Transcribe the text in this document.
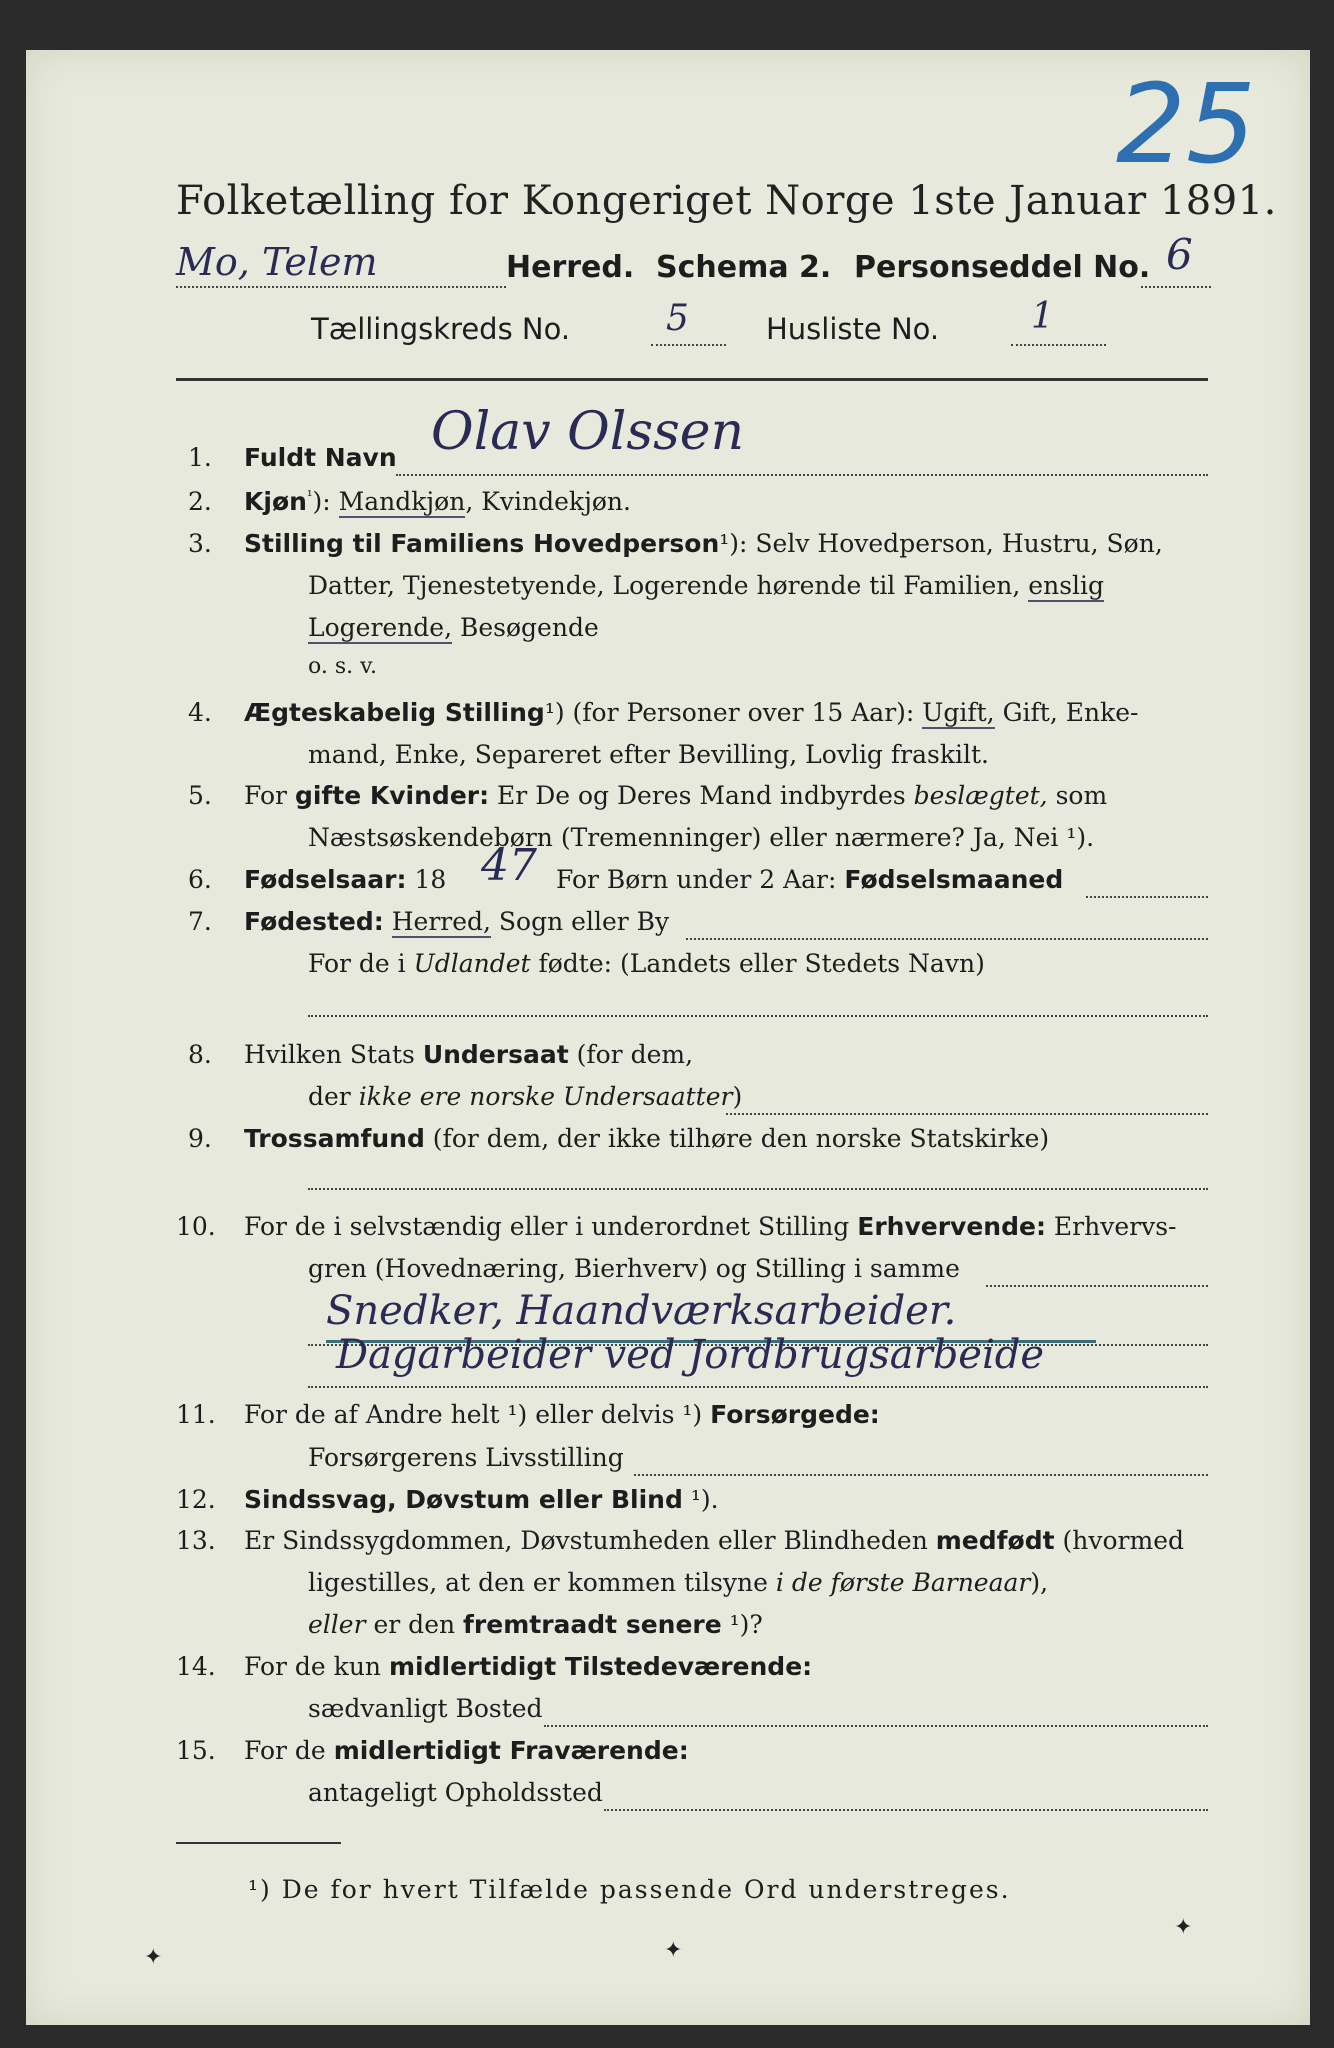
25
Folketælling for Kongeriget Norge 1ste Januar 1891.
Mo, Telem	Herred. Schema 2. Personseddel No. 6
Tællingskreds No.	5	Husliste No.	1
1. Fuldt Navn Olav Olssen
2. Kjøn$^{^1}$): Mandkjøn, Kvindekjøn.
3. Stilling til Familiens Hovedperson¹): Selv Hovedperson, Hustru, Søn,
Datter, Tjenestetyende, Logerende hørende til Familien, enslig
Logerende, Besøgende
o. s. v.
4. Ægteskabelig Stilling¹) (for Personer over 15 Aar): Ugift, Gift, Enke-
mand, Enke, Separeret efter Bevilling, Lovlig fraskilt.
5. For gifte Kvinder: Er De og Deres Mand indbyrdes beslægtet, som
Næstsøskendebørn (Tremenninger) eller nærmere? Ja, Nei ¹).
6. Fødselsaar: 18 47 For Børn under 2 Aar: Fødselsmaaned
7. Fødested: Herred, Sogn eller By
For de i Udlandet fødte: (Landets eller Stedets Navn)
8. Hvilken Stats Undersaat (for dem,
der ikke ere norske Undersaatter)
9. Trossamfund (for dem, der ikke tilhøre den norske Statskirke)
10. For de i selvstændig eller i underordnet Stilling Erhvervende: Erhvervs-
gren (Hovednæring, Bierhverv) og Stilling i samme
Snedker, Haandværksarbeider.
Dagarbeider ved Jordbrugsarbeide
11. For de af Andre helt ¹) eller delvis ¹) Forsørgede:
Forsørgerens Livsstilling
12. Sindssvag, Døvstum eller Blind ¹).
13. Er Sindssygdommen, Døvstumheden eller Blindheden medfødt (hvormed
ligestilles, at den er kommen tilsyne i de første Barneaar),
eller er den fremtraadt senere ¹)?
14. For de kun midlertidigt Tilstedeværende:
sædvanligt Bosted
15. For de midlertidigt Fraværende:
antageligt Opholdssted
¹) De for hvert Tilfælde passende Ord understreges.
✦	✦
✦
